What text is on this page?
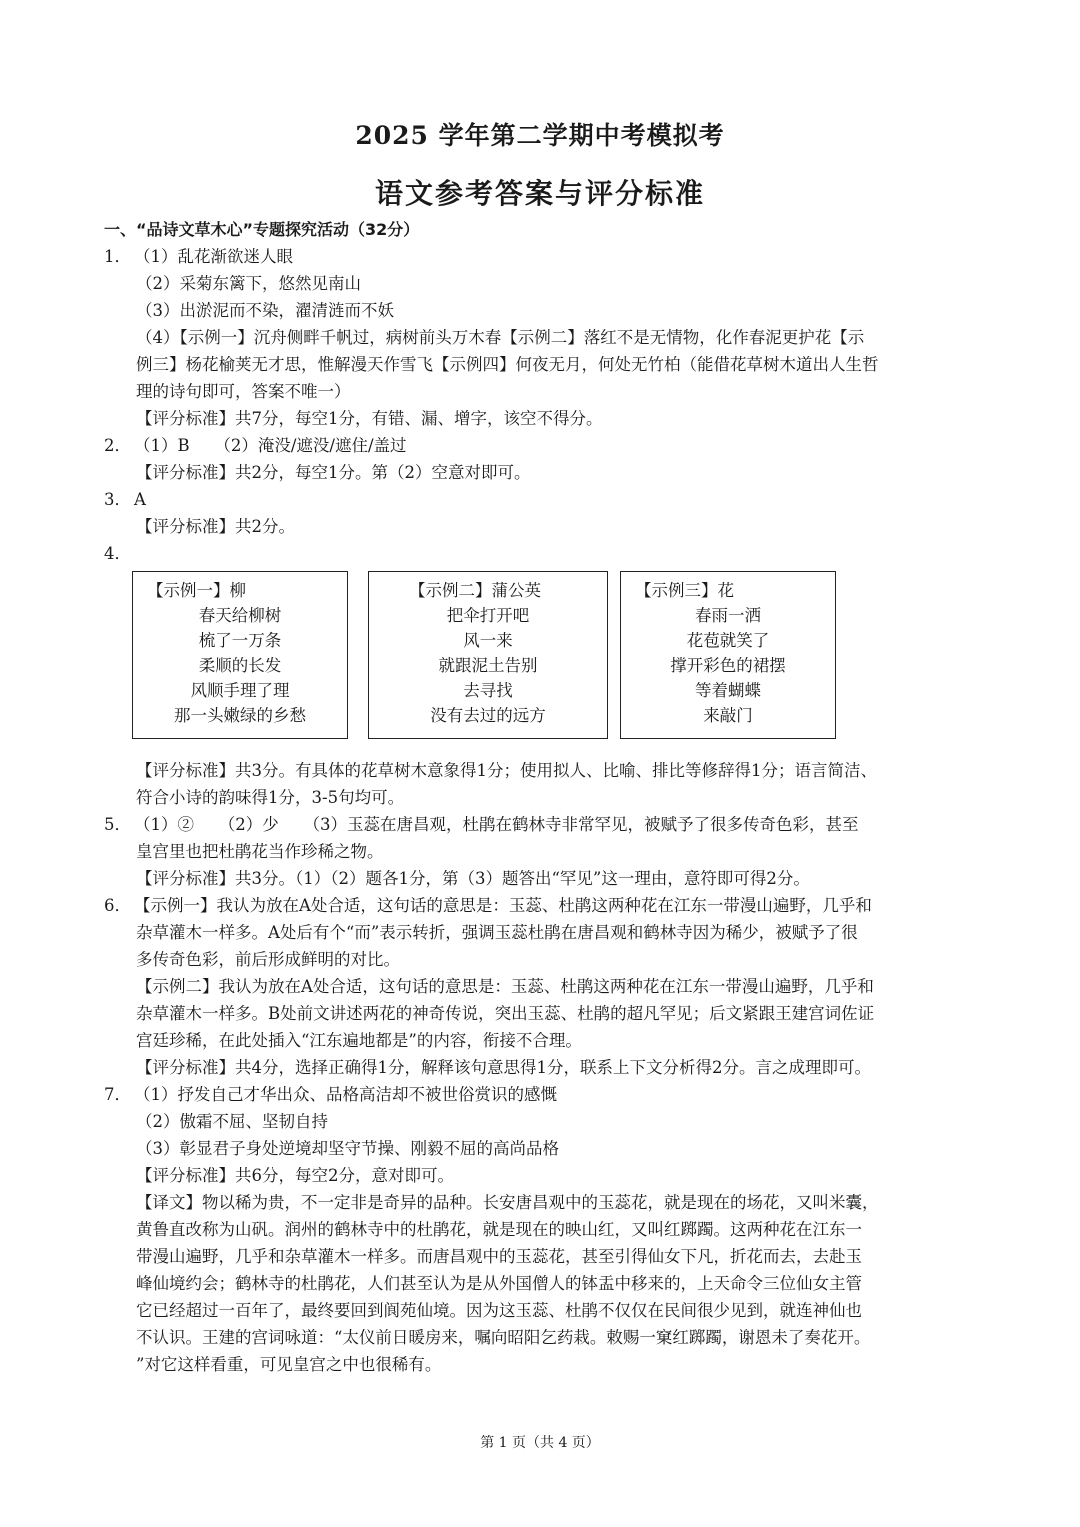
2025 学年第二学期中考模拟考
语文参考答案与评分标准
一、“品诗文草木心”专题探究活动（32分）
1． （1）乱花渐欲迷人眼
（2）采菊东篱下，悠然见南山
（3）出淤泥而不染，濯清涟而不妖
（4）【示例一】沉舟侧畔千帆过，病树前头万木春【示例二】落红不是无情物，化作春泥更护花【示
例三】杨花榆荚无才思，惟解漫天作雪飞【示例四】何夜无月，何处无竹柏（能借花草树木道出人生哲
理的诗句即可，答案不唯一）
【评分标准】共7分，每空1分，有错、漏、增字，该空不得分。
2． （1）B　　（2）淹没/遮没/遮住/盖过
【评分标准】共2分，每空1分。第（2）空意对即可。
3． A
【评分标准】共2分。
4．
【示例一】柳
春天给柳树
梳了一万条
柔顺的长发
风顺手理了理
那一头嫩绿的乡愁
【示例二】蒲公英
把伞打开吧
风一来
就跟泥土告别
去寻找
没有去过的远方
【示例三】花
春雨一洒
花苞就笑了
撑开彩色的裙摆
等着蝴蝶
来敲门
【评分标准】共3分。有具体的花草树木意象得1分；使用拟人、比喻、排比等修辞得1分；语言简洁、
符合小诗的韵味得1分，3-5句均可。
5． （1）②　　（2）少　　（3）玉蕊在唐昌观，杜鹃在鹤林寺非常罕见，被赋予了很多传奇色彩，甚至
皇宫里也把杜鹃花当作珍稀之物。
【评分标准】共3分。（1）（2）题各1分，第（3）题答出“罕见”这一理由，意符即可得2分。
6． 【示例一】我认为放在A处合适，这句话的意思是：玉蕊、杜鹃这两种花在江东一带漫山遍野，几乎和
杂草灌木一样多。A处后有个“而”表示转折，强调玉蕊杜鹃在唐昌观和鹤林寺因为稀少，被赋予了很
多传奇色彩，前后形成鲜明的对比。
【示例二】我认为放在A处合适，这句话的意思是：玉蕊、杜鹃这两种花在江东一带漫山遍野，几乎和
杂草灌木一样多。B处前文讲述两花的神奇传说，突出玉蕊、杜鹃的超凡罕见；后文紧跟王建宫词佐证
宫廷珍稀，在此处插入“江东遍地都是”的内容，衔接不合理。
【评分标准】共4分，选择正确得1分，解释该句意思得1分，联系上下文分析得2分。言之成理即可。
7． （1）抒发自己才华出众、品格高洁却不被世俗赏识的感慨
（2）傲霜不屈、坚韧自持
（3）彰显君子身处逆境却坚守节操、刚毅不屈的高尚品格
【评分标准】共6分，每空2分，意对即可。
【译文】物以稀为贵，不一定非是奇异的品种。长安唐昌观中的玉蕊花，就是现在的场花，又叫米囊，
黄鲁直改称为山矾。润州的鹤林寺中的杜鹃花，就是现在的映山红，又叫红踯躅。这两种花在江东一
带漫山遍野，几乎和杂草灌木一样多。而唐昌观中的玉蕊花，甚至引得仙女下凡，折花而去，去赴玉
峰仙境约会；鹤林寺的杜鹃花，人们甚至认为是从外国僧人的钵盂中移来的，上天命令三位仙女主管
它已经超过一百年了，最终要回到阆苑仙境。因为这玉蕊、杜鹃不仅仅在民间很少见到，就连神仙也
不认识。王建的宫词咏道：“太仪前日暖房来，嘱向昭阳乞药栽。敕赐一窠红踯躅，谢恩未了奏花开。
”对它这样看重，可见皇宫之中也很稀有。
第 1 页（共 4 页）
